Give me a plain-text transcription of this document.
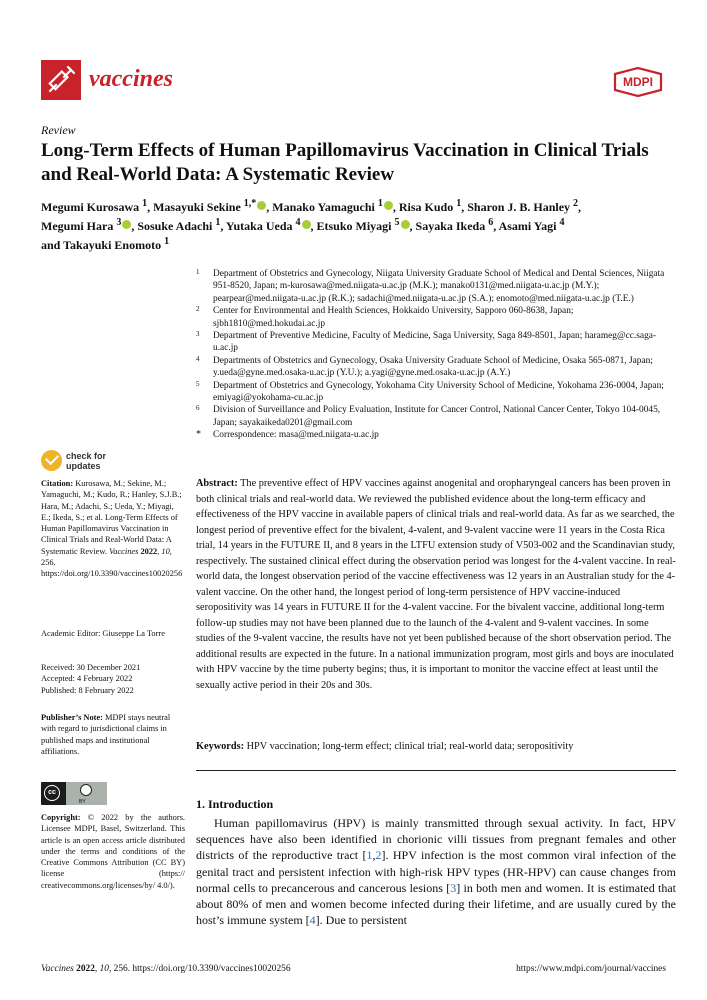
vaccines	MDPI
Review
Long-Term Effects of Human Papillomavirus Vaccination in Clinical Trials and Real-World Data: A Systematic Review
Megumi Kurosawa $^1$, Masayuki Sekine $^{1,*}$ , Manako Yamaguchi $^1$ , Risa Kudo $^1$, Sharon J. B. Hanley $^2$,
Megumi Hara $^3$ , Sosuke Adachi $^1$, Yutaka Ueda $^4$ , Etsuko Miyagi $^5$ , Sayaka Ikeda $^6$, Asami Yagi $^4$
and Takayuki Enomoto $^1$
1 Department of Obstetrics and Gynecology, Niigata University Graduate School of Medical and Dental Sciences, Niigata 951-8520, Japan; m-kurosawa@med.niigata-u.ac.jp (M.K.); manako0131@med.niigata-u.ac.jp (M.Y.); pearpear@med.niigata-u.ac.jp (R.K.); sadachi@med.niigata-u.ac.jp (S.A.); enomoto@med.niigata-u.ac.jp (T.E.)
2 Center for Environmental and Health Sciences, Hokkaido University, Sapporo 060-8638, Japan; sjbh1810@med.hokudai.ac.jp
3 Department of Preventive Medicine, Faculty of Medicine, Saga University, Saga 849-8501, Japan; harameg@cc.saga-u.ac.jp
4 Departments of Obstetrics and Gynecology, Osaka University Graduate School of Medicine, Osaka 565-0871, Japan; y.ueda@gyne.med.osaka-u.ac.jp (Y.U.); a.yagi@gyne.med.osaka-u.ac.jp (A.Y.)
5 Department of Obstetrics and Gynecology, Yokohama City University School of Medicine, Yokohama 236-0004, Japan; emiyagi@yokohama-cu.ac.jp
6 Division of Surveillance and Policy Evaluation, Institute for Cancer Control, National Cancer Center, Tokyo 104-0045, Japan; sayakaikeda0201@gmail.com
* Correspondence: masa@med.niigata-u.ac.jp
check for
updates
Citation: Kurosawa, M.; Sekine, M.; Yamaguchi, M.; Kudo, R.; Hanley, S.J.B.; Hara, M.; Adachi, S.; Ueda, Y.; Miyagi, E.; Ikeda, S.; et al. Long-Term Effects of Human Papillomavirus Vaccination in Clinical Trials and Real-World Data: A Systematic Review. Vaccines 2022, 10, 256.
https://doi.org/10.3390/vaccines10020256
Academic Editor: Giuseppe La Torre
Received: 30 December 2021
Accepted: 4 February 2022
Published: 8 February 2022
Publisher’s Note: MDPI stays neutral with regard to jurisdictional claims in published maps and institutional affiliations.
cc
BY
Copyright: © 2022 by the authors. Licensee MDPI, Basel, Switzerland. This article is an open access article distributed under the terms and conditions of the Creative Commons Attribution (CC BY) license (https:// creativecommons.org/licenses/by/ 4.0/).
Abstract: The preventive effect of HPV vaccines against anogenital and oropharyngeal cancers has been proven in both clinical trials and real-world data. We reviewed the published evidence about the long-term efficacy and effectiveness of the HPV vaccine in available papers of clinical trials and real-world data. As far as we searched, the longest period of preventive effect for the bivalent, 4-valent, and 9-valent vaccine were 11 years in the Costa Rica trial, 14 years in the FUTURE II, and 8 years in the LTFU extension study of V503-002 and the Scandinavian study, respectively. The sustained clinical effect during the observation period was longest for the 4-valent vaccine. In real-world data, the longest observation period of the vaccine effectiveness was 12 years in an Australian study for the 4-valent vaccine. On the other hand, the longest period of long-term persistence of HPV vaccine-induced seropositivity was 14 years in FUTURE II for the 4-valent vaccine. For the bivalent vaccine, additional long-term follow-up studies may not have been planned due to the launch of the 4-valent and 9-valent vaccines. In some studies of the 9-valent vaccine, the results have not yet been published because of the short observation period. The additional results are expected in the future. In a national immunization program, most girls and boys are inoculated with HPV vaccine by the time puberty begins; thus, it is important to monitor the vaccine effect at least until the sexually active period in their 20s and 30s.
Keywords: HPV vaccination; long-term effect; clinical trial; real-world data; seropositivity
1. Introduction
Human papillomavirus (HPV) is mainly transmitted through sexual activity. In fact, HPV sequences have also been identified in chorionic villi tissues from pregnant females and other districts of the reproductive tract [1,2]. HPV infection is the most common viral infection of the genital tract and persistent infection with high-risk HPV types (HR-HPV) can cause changes from normal cells to precancerous and cancerous lesions [3] in both men and women. It is estimated that about 80% of men and women become infected during their lifetime, and are usually cured by the host’s immune system [4]. Due to persistent
Vaccines 2022, 10, 256. https://doi.org/10.3390/vaccines10020256	https://www.mdpi.com/journal/vaccines
